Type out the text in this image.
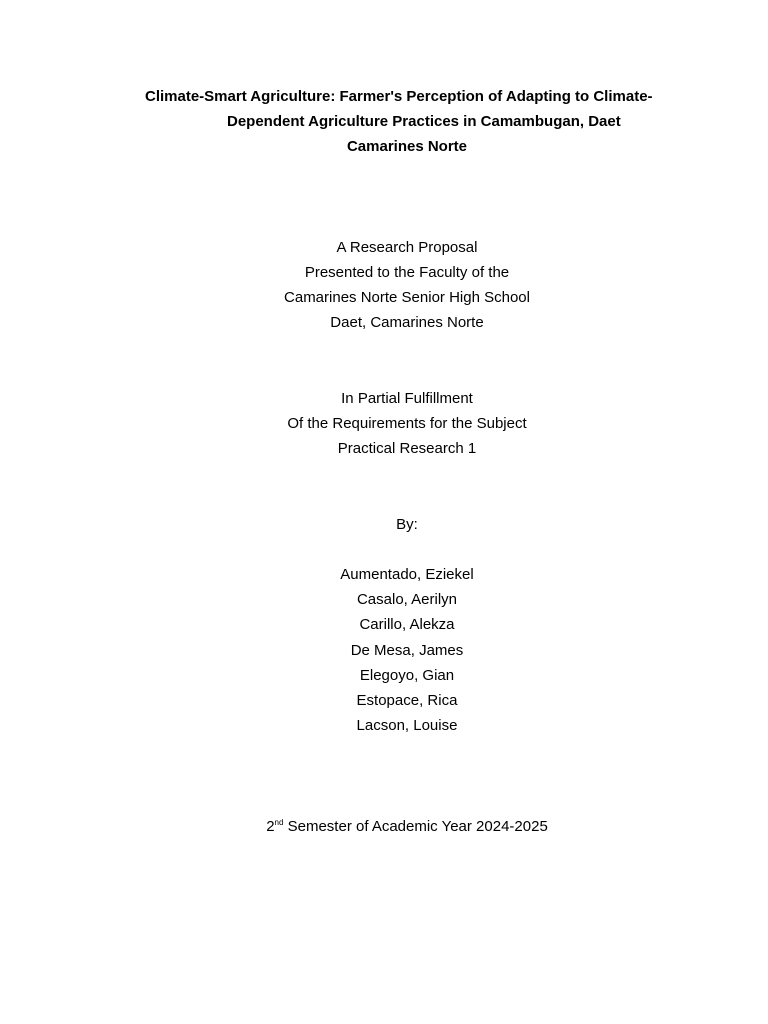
Climate-Smart Agriculture: Farmer's Perception of Adapting to Climate-
Dependent Agriculture Practices in Camambugan, Daet
Camarines Norte
A Research Proposal
Presented to the Faculty of the
Camarines Norte Senior High School
Daet, Camarines Norte
In Partial Fulfillment
Of the Requirements for the Subject
Practical Research 1
By:
Aumentado, Eziekel
Casalo, Aerilyn
Carillo, Alekza
De Mesa, James
Elegoyo, Gian
Estopace, Rica
Lacson, Louise
2nd Semester of Academic Year 2024-2025
